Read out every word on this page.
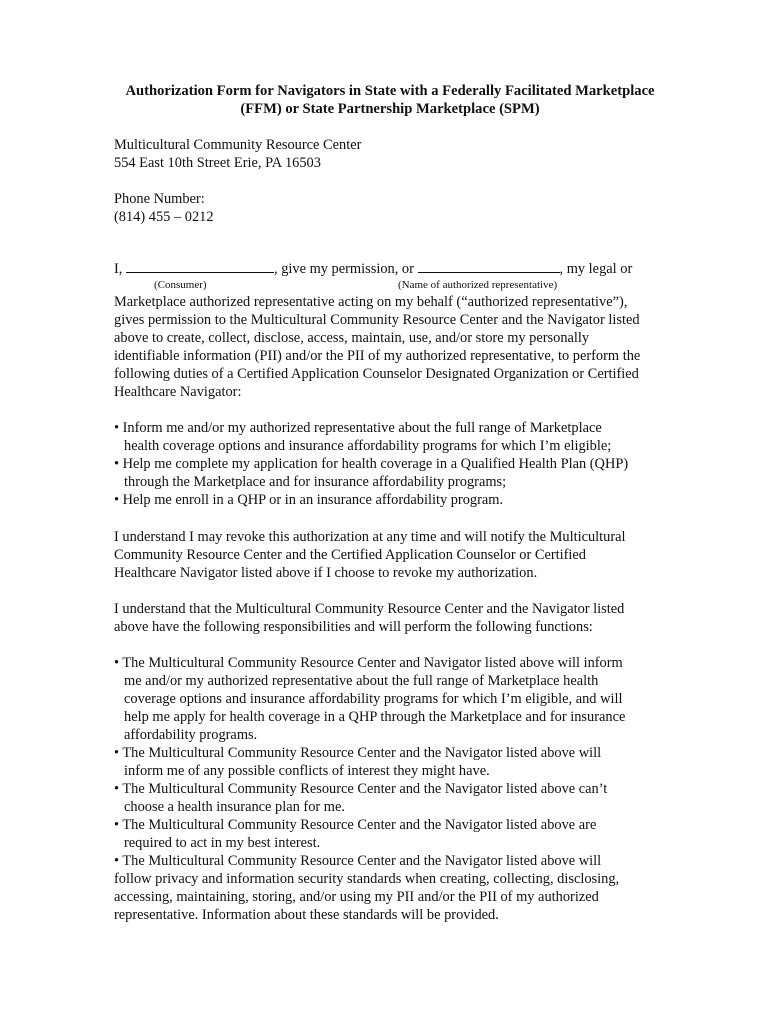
Authorization Form for Navigators in State with a Federally Facilitated Marketplace
(FFM) or State Partnership Marketplace (SPM)
Multicultural Community Resource Center
554 East 10th Street Erie, PA 16503
Phone Number:
(814) 455 – 0212
I,	, give my permission, or	, my legal or
(Consumer)	(Name of authorized representative)
Marketplace authorized representative acting on my behalf (“authorized representative”),
gives permission to the Multicultural Community Resource Center and the Navigator listed
above to create, collect, disclose, access, maintain, use, and/or store my personally
identifiable information (PII) and/or the PII of my authorized representative, to perform the
following duties of a Certified Application Counselor Designated Organization or Certified
Healthcare Navigator:
• Inform me and/or my authorized representative about the full range of Marketplace
health coverage options and insurance affordability programs for which I’m eligible;
• Help me complete my application for health coverage in a Qualified Health Plan (QHP)
through the Marketplace and for insurance affordability programs;
• Help me enroll in a QHP or in an insurance affordability program.
I understand I may revoke this authorization at any time and will notify the Multicultural
Community Resource Center and the Certified Application Counselor or Certified
Healthcare Navigator listed above if I choose to revoke my authorization.
I understand that the Multicultural Community Resource Center and the Navigator listed
above have the following responsibilities and will perform the following functions:
• The Multicultural Community Resource Center and Navigator listed above will inform
me and/or my authorized representative about the full range of Marketplace health
coverage options and insurance affordability programs for which I’m eligible, and will
help me apply for health coverage in a QHP through the Marketplace and for insurance
affordability programs.
• The Multicultural Community Resource Center and the Navigator listed above will
inform me of any possible conflicts of interest they might have.
• The Multicultural Community Resource Center and the Navigator listed above can’t
choose a health insurance plan for me.
• The Multicultural Community Resource Center and the Navigator listed above are
required to act in my best interest.
• The Multicultural Community Resource Center and the Navigator listed above will
follow privacy and information security standards when creating, collecting, disclosing,
accessing, maintaining, storing, and/or using my PII and/or the PII of my authorized
representative. Information about these standards will be provided.
